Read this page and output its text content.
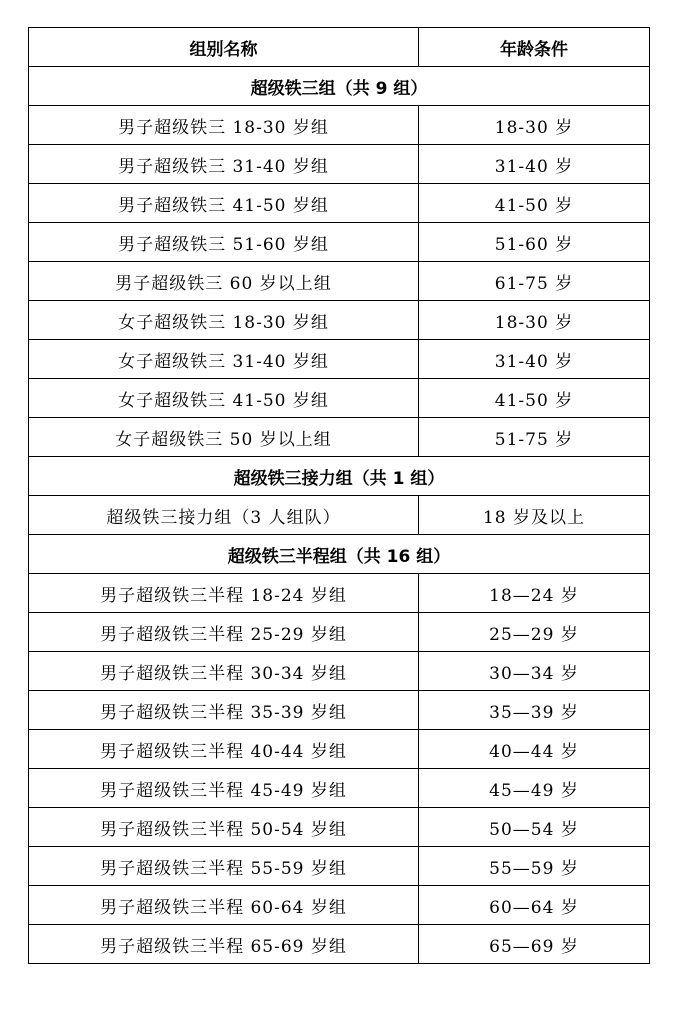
组别名称	年龄条件
超级铁三组（共 9 组）	
男子超级铁三 18-30 岁组	18-30 岁
男子超级铁三 31-40 岁组	31-40 岁
男子超级铁三 41-50 岁组	41-50 岁
男子超级铁三 51-60 岁组	51-60 岁
男子超级铁三 60 岁以上组	61-75 岁
女子超级铁三 18-30 岁组	18-30 岁
女子超级铁三 31-40 岁组	31-40 岁
女子超级铁三 41-50 岁组	41-50 岁
女子超级铁三 50 岁以上组	51-75 岁
超级铁三接力组（共 1 组）	
超级铁三接力组（3 人组队）	18 岁及以上
超级铁三半程组（共 16 组）	
男子超级铁三半程 18-24 岁组	18—24 岁
男子超级铁三半程 25-29 岁组	25—29 岁
男子超级铁三半程 30-34 岁组	30—34 岁
男子超级铁三半程 35-39 岁组	35—39 岁
男子超级铁三半程 40-44 岁组	40—44 岁
男子超级铁三半程 45-49 岁组	45—49 岁
男子超级铁三半程 50-54 岁组	50—54 岁
男子超级铁三半程 55-59 岁组	55—59 岁
男子超级铁三半程 60-64 岁组	60—64 岁
男子超级铁三半程 65-69 岁组	65—69 岁
